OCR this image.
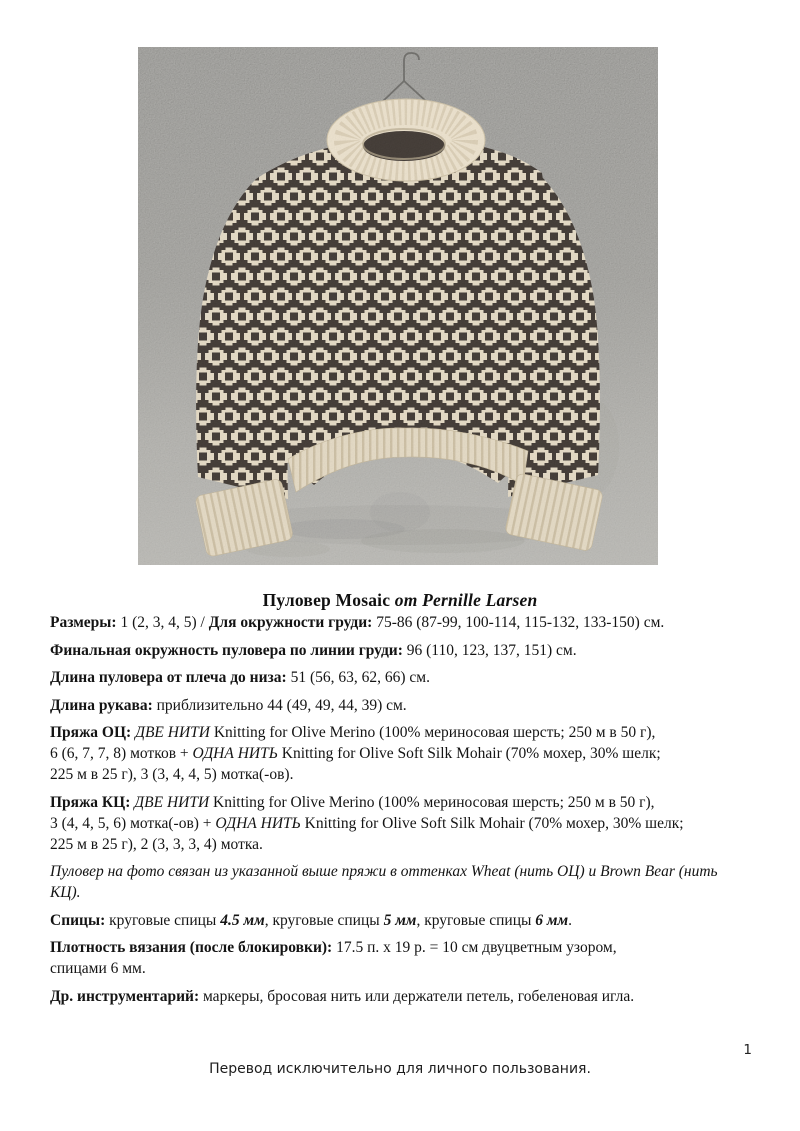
Пуловер Mosaic от Pernille Larsen

Размеры: 1 (2, 3, 4, 5) / Для окружности груди: 75-86 (87-99, 100-114, 115-132, 133-150) см.

Финальная окружность пуловера по линии груди: 96 (110, 123, 137, 151) см.

Длина пуловера от плеча до низа: 51 (56, 63, 62, 66) см.

Длина рукава: приблизительно 44 (49, 49, 44, 39) см.

Пряжа ОЦ: ДВЕ НИТИ Knitting for Olive Merino (100% мериносовая шерсть; 250 м в 50 г),
6 (6, 7, 7, 8) мотков + ОДНА НИТЬ Knitting for Olive Soft Silk Mohair (70% мохер, 30% шелк;
225 м в 25 г), 3 (3, 4, 4, 5) мотка(-ов).

Пряжа КЦ: ДВЕ НИТИ Knitting for Olive Merino (100% мериносовая шерсть; 250 м в 50 г),
3 (4, 4, 5, 6) мотка(-ов) + ОДНА НИТЬ Knitting for Olive Soft Silk Mohair (70% мохер, 30% шелк;
225 м в 25 г), 2 (3, 3, 3, 4) мотка.

Пуловер на фото связан из указанной выше пряжи в оттенках Wheat (нить ОЦ) и Brown Bear (нить
КЦ).

Спицы: круговые спицы 4.5 мм, круговые спицы 5 мм, круговые спицы 6 мм.

Плотность вязания (после блокировки): 17.5 п. x 19 р. = 10 см двуцветным узором,
спицами 6 мм.

Др. инструментарий: маркеры, бросовая нить или держатели петель, гобеленовая игла.

1
Перевод исключительно для личного пользования.
